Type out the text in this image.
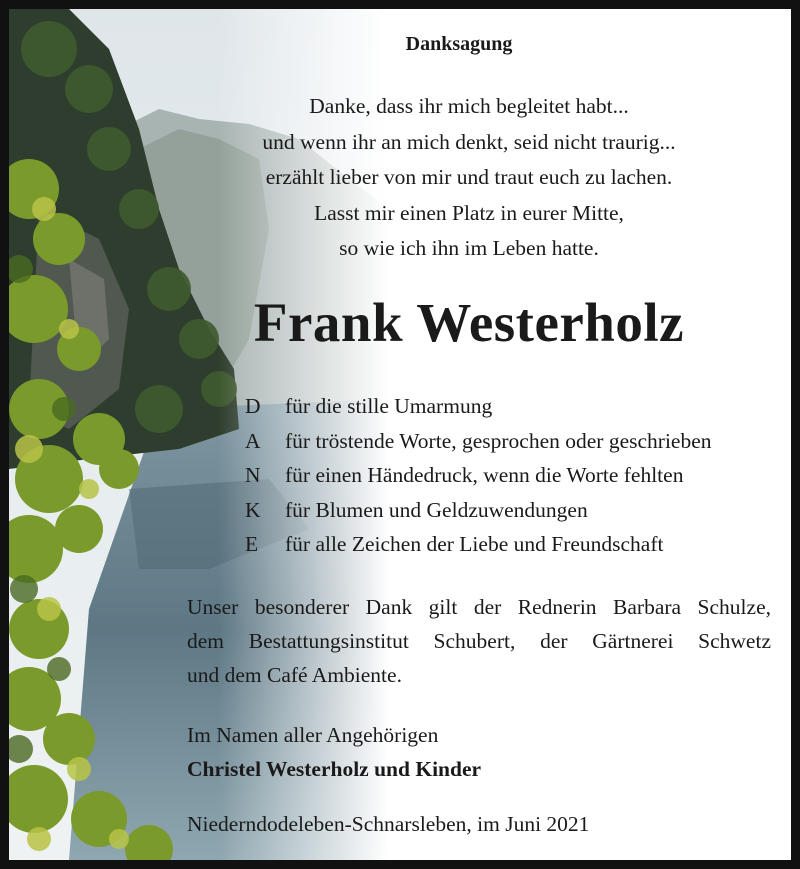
Danksagung
Danke, dass ihr mich begleitet habt...
und wenn ihr an mich denkt, seid nicht traurig...
erzählt lieber von mir und traut euch zu lachen.
Lasst mir einen Platz in eurer Mitte,
so wie ich ihn im Leben hatte.
Frank Westerholz
D für die stille Umarmung
A für tröstende Worte, gesprochen oder geschrieben
N für einen Händedruck, wenn die Worte fehlten
K für Blumen und Geldzuwendungen
E für alle Zeichen der Liebe und Freundschaft
Unser besonderer Dank gilt der Rednerin Barbara Schulze,
dem Bestattungsinstitut Schubert, der Gärtnerei Schwetz
und dem Café Ambiente.
Im Namen aller Angehörigen
Christel Westerholz und Kinder
Niederndodeleben-Schnarsleben, im Juni 2021
